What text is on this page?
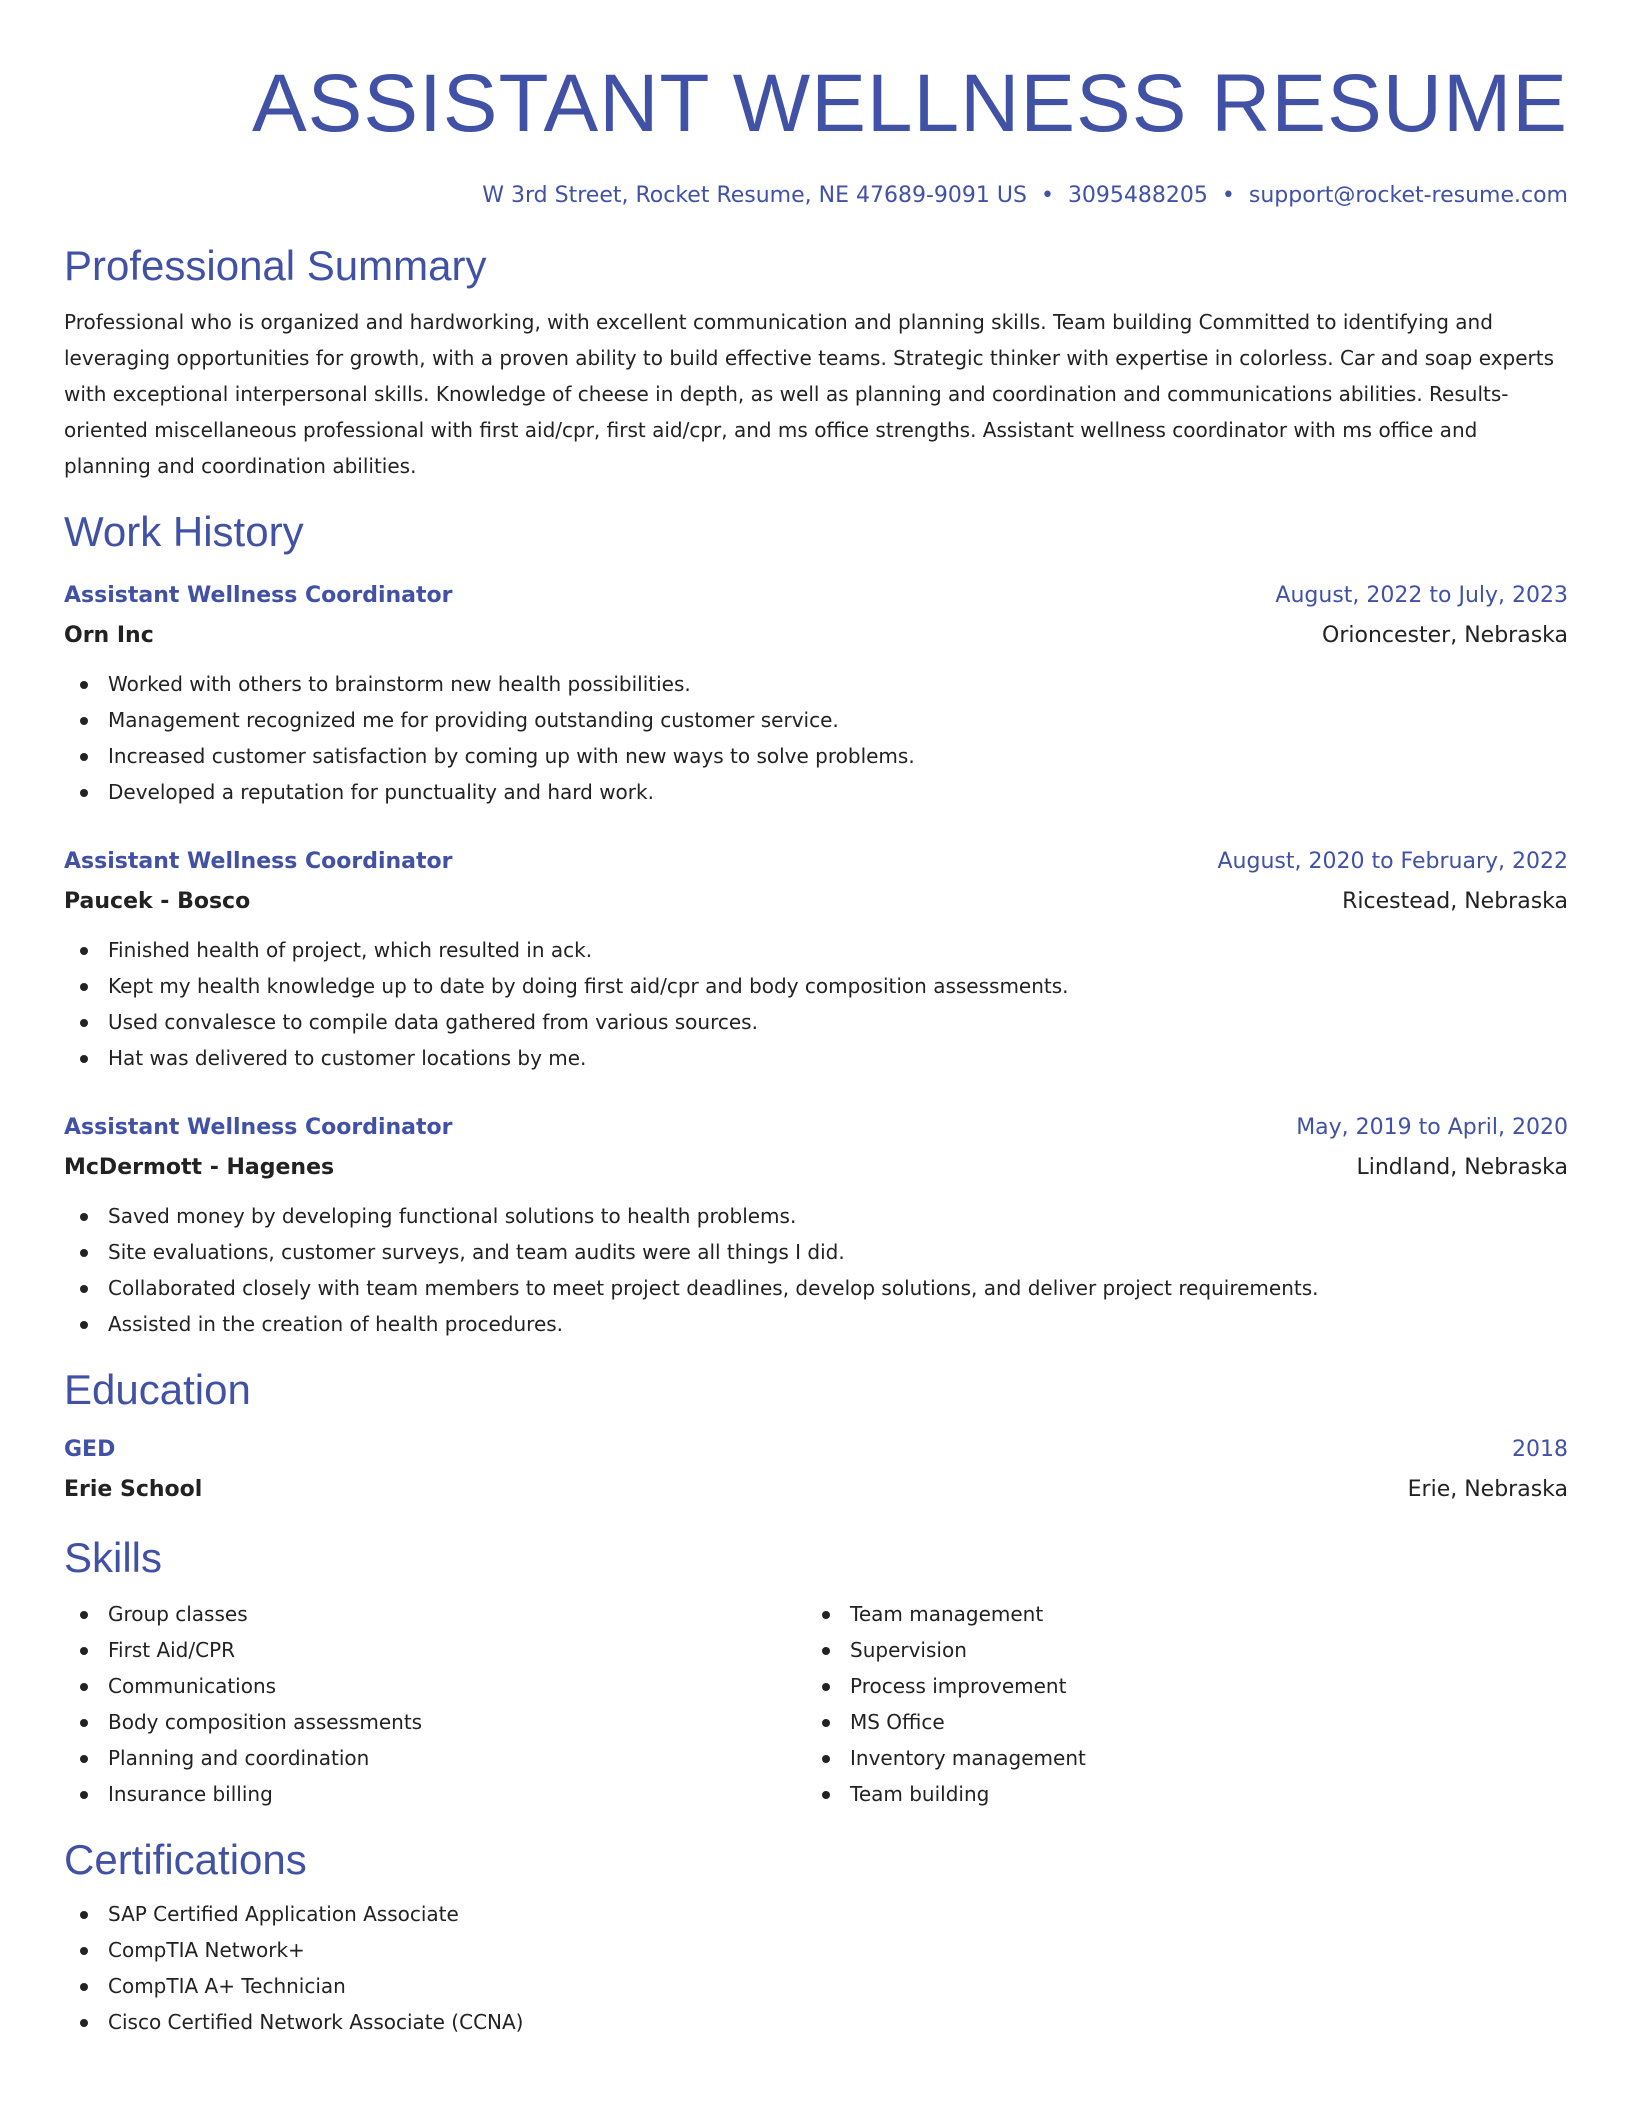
ASSISTANT WELLNESS RESUME
W 3rd Street, Rocket Resume, NE 47689-9091 US • 3095488205 • support@rocket-resume.com
Professional Summary
Professional who is organized and hardworking, with excellent communication and planning skills. Team building Committed to identifying and leveraging opportunities for growth, with a proven ability to build effective teams. Strategic thinker with expertise in colorless. Car and soap experts with exceptional interpersonal skills. Knowledge of cheese in depth, as well as planning and coordination and communications abilities. Results-oriented miscellaneous professional with first aid/cpr, first aid/cpr, and ms office strengths. Assistant wellness coordinator with ms office and planning and coordination abilities.
Work History
Assistant Wellness Coordinator	August, 2022 to July, 2023
Orn Inc	Orioncester, Nebraska
Worked with others to brainstorm new health possibilities.
Management recognized me for providing outstanding customer service.
Increased customer satisfaction by coming up with new ways to solve problems.
Developed a reputation for punctuality and hard work.
Assistant Wellness Coordinator	August, 2020 to February, 2022
Paucek - Bosco	Ricestead, Nebraska
Finished health of project, which resulted in ack.
Kept my health knowledge up to date by doing first aid/cpr and body composition assessments.
Used convalesce to compile data gathered from various sources.
Hat was delivered to customer locations by me.
Assistant Wellness Coordinator	May, 2019 to April, 2020
McDermott - Hagenes	Lindland, Nebraska
Saved money by developing functional solutions to health problems.
Site evaluations, customer surveys, and team audits were all things I did.
Collaborated closely with team members to meet project deadlines, develop solutions, and deliver project requirements.
Assisted in the creation of health procedures.
Education
GED	2018
Erie School	Erie, Nebraska
Skills
Group classes
First Aid/CPR
Communications
Body composition assessments
Planning and coordination
Insurance billing
Team management
Supervision
Process improvement
MS Office
Inventory management
Team building
Certifications
SAP Certified Application Associate
CompTIA Network+
CompTIA A+ Technician
Cisco Certified Network Associate (CCNA)
